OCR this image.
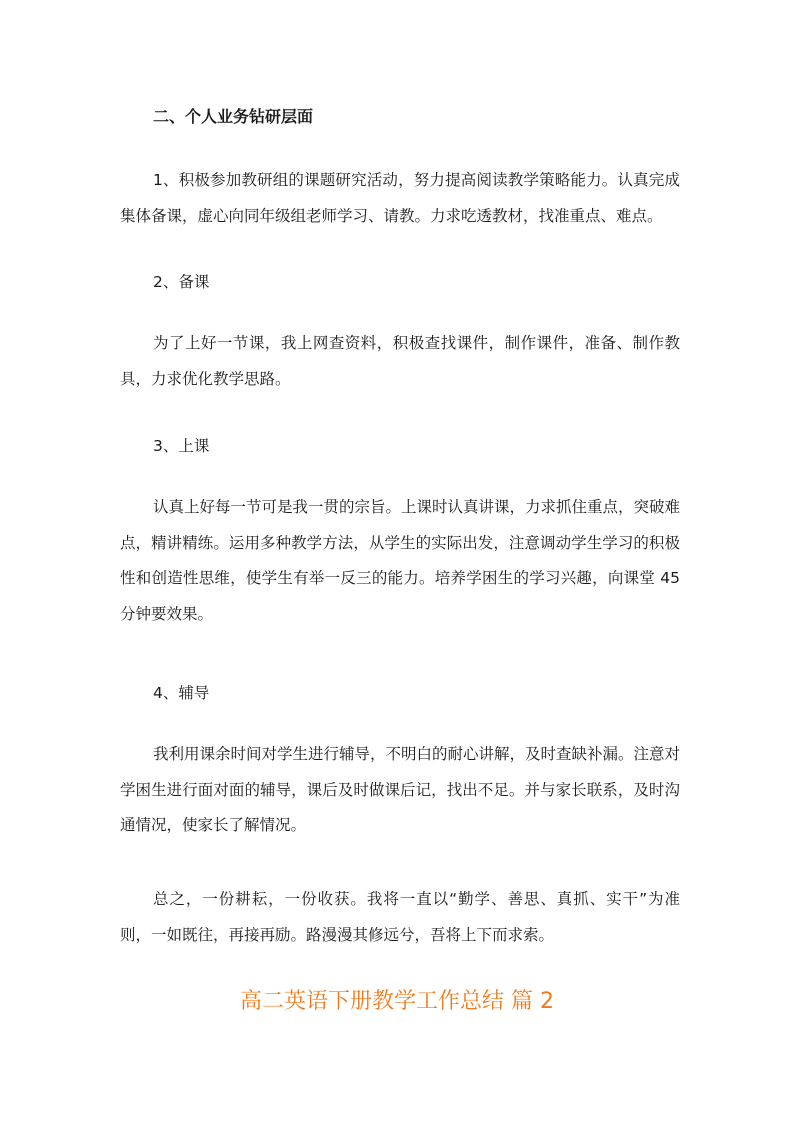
二、个人业务钻研层面
1、积极参加教研组的课题研究活动，努力提高阅读教学策略能力。认真完成集体备课，虚心向同年级组老师学习、请教。力求吃透教材，找准重点、难点。
2、备课
为了上好一节课，我上网查资料，积极查找课件，制作课件，准备、制作教具，力求优化教学思路。
3、上课
认真上好每一节可是我一贯的宗旨。上课时认真讲课，力求抓住重点，突破难点，精讲精练。运用多种教学方法，从学生的实际出发，注意调动学生学习的积极性和创造性思维，使学生有举一反三的能力。培养学困生的学习兴趣，向课堂 45 分钟要效果。
4、辅导
我利用课余时间对学生进行辅导，不明白的耐心讲解，及时查缺补漏。注意对学困生进行面对面的辅导，课后及时做课后记，找出不足。并与家长联系，及时沟通情况，使家长了解情况。
总之，一份耕耘，一份收获。我将一直以“勤学、善思、真抓、实干”为准则，一如既往，再接再励。路漫漫其修远兮，吾将上下而求索。
高二英语下册教学工作总结 篇 2
